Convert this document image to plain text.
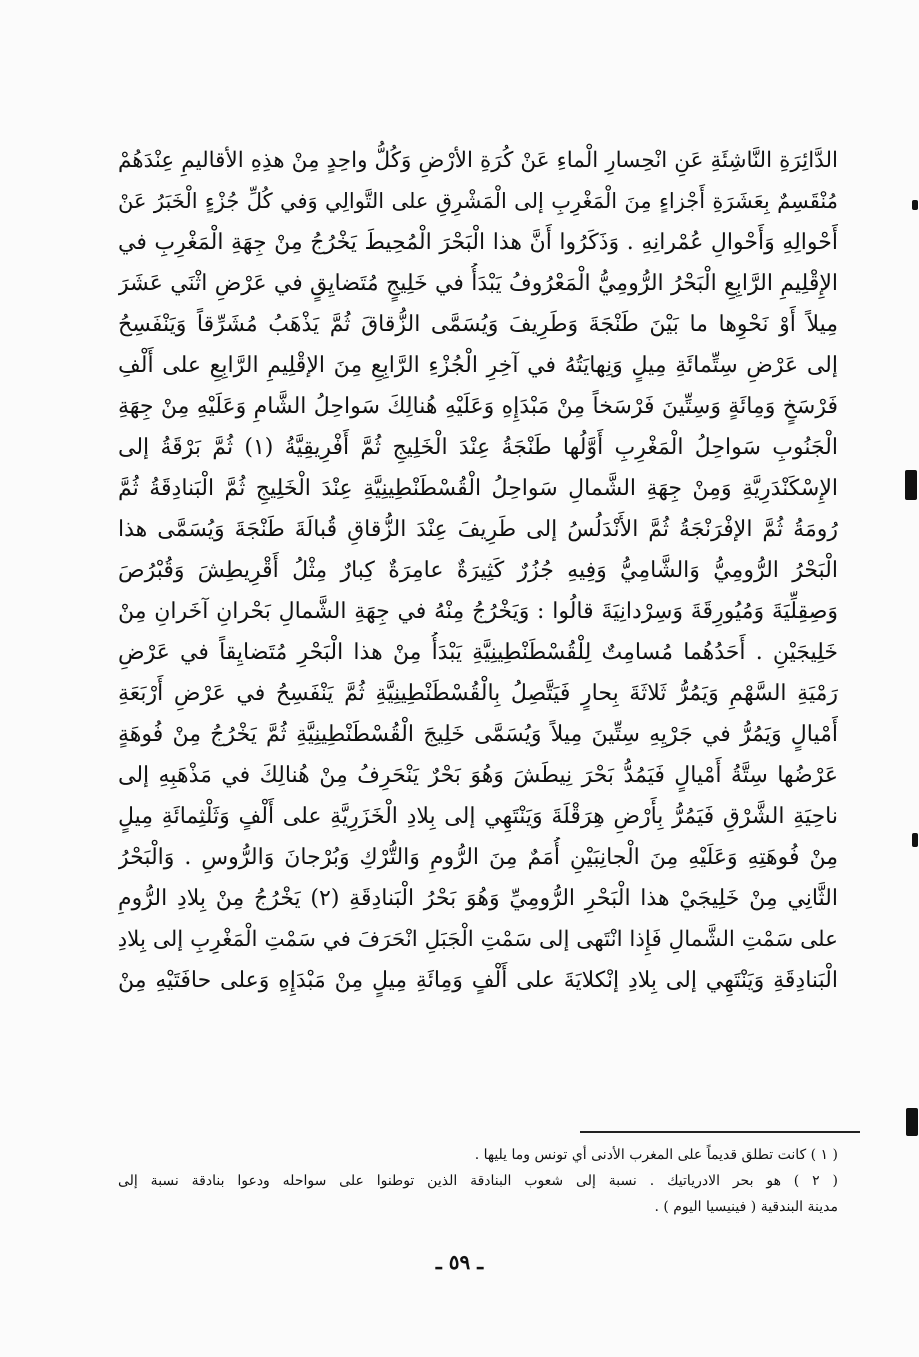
الدَّائِرَةِ النَّاشِئَةِ عَنِ انْحِسارِ الْماءِ عَنْ كُرَةِ الأرْضِ وَكُلُّ واحِدٍ مِنْ هذِهِ الأقاليمِ عِنْدَهُمْ
مُنْقَسِمٌ بِعَشَرَةِ أَجْزاءٍ مِنَ الْمَغْرِبِ إلى الْمَشْرِقِ على التَّوالِي وَفي كُلِّ جُزْءٍ الْخَبَرُ عَنْ
أَحْوالِهِ وَأَحْوالِ عُمْرانِهِ . وَذَكَرُوا أَنَّ هذا الْبَحْرَ الْمُحِيطَ يَخْرُجُ مِنْ جِهَةِ الْمَغْرِبِ في
الإِقْلِيمِ الرَّابِعِ الْبَحْرُ الرُّومِيُّ الْمَعْرُوفُ يَبْدَأُ في خَلِيجٍ مُتَضايِقٍ في عَرْضِ اثْنَي عَشَرَ
مِيلاً أَوْ نَحْوِها ما بَيْنَ طَنْجَةَ وَطَرِيفَ وَيُسَمَّى الزُّقاقَ ثُمَّ يَذْهَبُ مُشَرِّقاً وَيَنْفَسِحُ
إلى عَرْضِ سِتِّمائَةِ مِيلٍ وَنِهايَتُهُ في آخِرِ الْجُزْءِ الرَّابِعِ مِنَ الإقْلِيمِ الرَّابِعِ على أَلْفِ
فَرْسَخٍ وَمِائَةٍ وَسِتِّينَ فَرْسَخاً مِنْ مَبْدَإِهِ وَعَلَيْهِ هُنالِكَ سَواحِلُ الشَّامِ وَعَلَيْهِ مِنْ جِهَةِ
الْجَنُوبِ سَواحِلُ الْمَغْرِبِ أَوَّلُها طَنْجَةُ عِنْدَ الْخَلِيجِ ثُمَّ أَفْرِيقِيَّةُ (١) ثُمَّ بَرْقَةُ إلى
الإِسْكَنْدَرِيَّةِ وَمِنْ جِهَةِ الشَّمالِ سَواحِلُ الْقُسْطَنْطِينِيَّةِ عِنْدَ الْخَلِيجِ ثُمَّ الْبَنادِقَةُ ثُمَّ
رُومَةُ ثُمَّ الإفْرَنْجَةُ ثُمَّ الأَنْدَلُسُ إلى طَرِيفَ عِنْدَ الزُّقاقِ قُبالَةَ طَنْجَةَ وَيُسَمَّى هذا
الْبَحْرُ الرُّومِيُّ وَالشَّامِيُّ وَفِيهِ جُزُرٌ كَثِيرَةٌ عامِرَةٌ كِبارٌ مِثْلُ أَقْرِيطِشَ وَقُبْرُصَ
وَصِقِلِّيَةَ وَمُيُورِقَةَ وَسِرْدانِيَةَ قالُوا : وَيَخْرُجُ مِنْهُ في جِهَةِ الشَّمالِ بَحْرانِ آخَرانِ مِنْ
خَلِيجَيْنِ . أَحَدُهُما مُسامِتٌ لِلْقُسْطَنْطِينِيَّةِ يَبْدَأُ مِنْ هذا الْبَحْرِ مُتَضايِقاً في عَرْضِ
رَمْيَةِ السَّهْمِ وَيَمُرُّ ثَلاثَةَ بِحارٍ فَيَتَّصِلُ بِالْقُسْطَنْطِينِيَّةِ ثُمَّ يَنْفَسِحُ في عَرْضِ أَرْبَعَةِ
أَمْيالٍ وَيَمُرُّ في جَرْيِهِ سِتِّينَ مِيلاً وَيُسَمَّى خَلِيجَ الْقُسْطَنْطِينِيَّةِ ثُمَّ يَخْرُجُ مِنْ فُوهَةٍ
عَرْضُها سِتَّةُ أَمْيالٍ فَيَمُدُّ بَحْرَ نِيطَشَ وَهُوَ بَحْرٌ يَنْحَرِفُ مِنْ هُنالِكَ في مَذْهَبِهِ إلى
ناحِيَةِ الشَّرْقِ فَيَمُرُّ بِأَرْضِ هِرَقْلَةَ وَيَنْتَهِي إلى بِلادِ الْخَزَرِيَّةِ على أَلْفٍ وَثَلْثِمائَةِ مِيلٍ
مِنْ فُوهَتِهِ وَعَلَيْهِ مِنَ الْجانِبَيْنِ أُمَمٌ مِنَ الرُّومِ وَالتُّرْكِ وَبُرْجانَ وَالرُّوسِ . وَالْبَحْرُ
الثَّانِي مِنْ خَلِيجَيْ هذا الْبَحْرِ الرُّومِيِّ وَهُوَ بَحْرُ الْبَنادِقَةِ (٢) يَخْرُجُ مِنْ بِلادِ الرُّومِ
على سَمْتِ الشَّمالِ فَإِذا انْتَهى إلى سَمْتِ الْجَبَلِ انْحَرَفَ في سَمْتِ الْمَغْرِبِ إلى بِلادِ
الْبَنادِقَةِ وَيَنْتَهِي إلى بِلادِ إنْكلايَةَ على أَلْفٍ وَمِائَةِ مِيلٍ مِنْ مَبْدَإِهِ وَعلى حافَتَيْهِ مِنْ
( ١ ) كانت تطلق قديماً على المغرب الأدنى أي تونس وما يليها .
( ٢ ) هو بحر الادرياتيك . نسبة إلى شعوب البنادقة الذين توطنوا على سواحله ودعوا بنادقة نسبة إلى
مدينة البندقية ( فينيسيا اليوم ) .
ـ ٥٩ ـ
